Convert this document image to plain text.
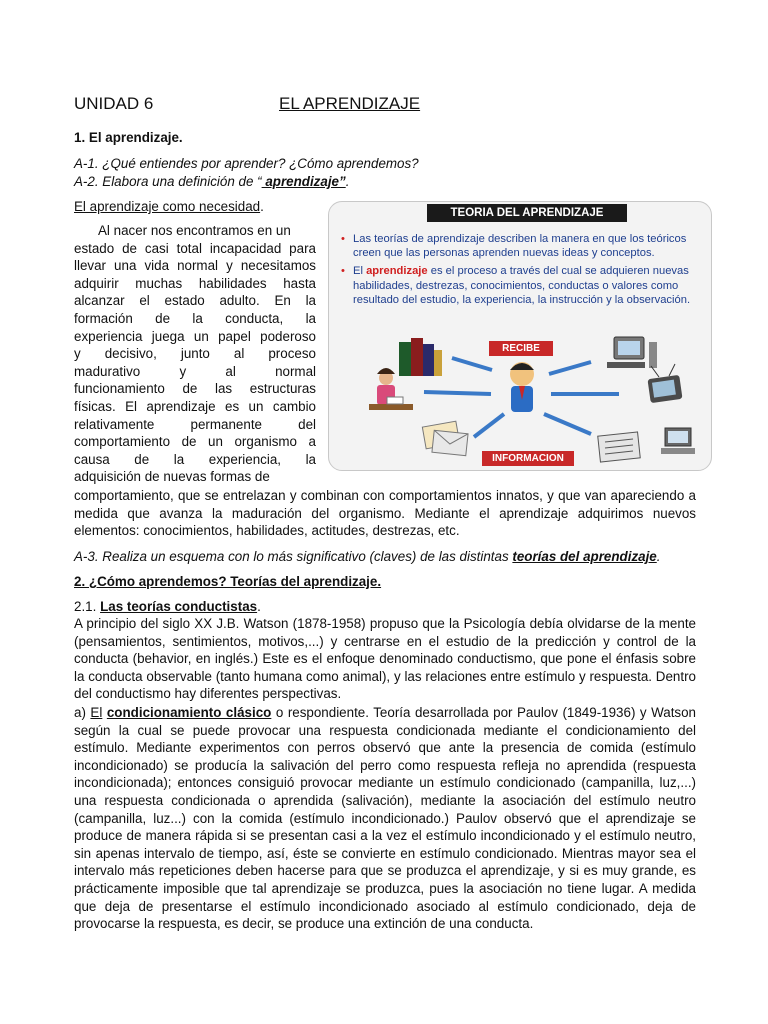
UNIDAD 6	EL APRENDIZAJE

1. El aprendizaje.

A-1. ¿Qué entiendes por aprender? ¿Cómo aprendemos?

A-2. Elabora una definición de “ aprendizaje”.

El aprendizaje como necesidad.

Al nacer nos encontramos en un

estado de casi total incapacidad para

llevar una vida normal y necesitamos

adquirir muchas habilidades hasta

alcanzar el estado adulto. En la

formación de la conducta, la

experiencia juega un papel poderoso

y decisivo, junto al proceso

madurativo y al normal

funcionamiento de las estructuras

físicas. El aprendizaje es un cambio

relativamente permanente del

comportamiento de un organismo a

causa de la experiencia, la

adquisición de nuevas formas de

comportamiento, que se entrelazan y combinan con comportamientos innatos, y que van apareciendo a medida que avanza la maduración del organismo. Mediante el aprendizaje adquirimos nuevos elementos: conocimientos, habilidades, actitudes, destrezas, etc.

A-3. Realiza un esquema con lo más significativo (claves) de las distintas teorías del aprendizaje.

2. ¿Cómo aprendemos? Teorías del aprendizaje.

2.1. Las teorías conductistas.

A principio del siglo XX J.B. Watson (1878-1958) propuso que la Psicología debía olvidarse de la mente (pensamientos, sentimientos, motivos,...) y centrarse en el estudio de la predicción y control de la conducta (behavior, en inglés.) Este es el enfoque denominado conductismo, que pone el énfasis sobre la conducta observable (tanto humana como animal), y las relaciones entre estímulo y respuesta. Dentro del conductismo hay diferentes perspectivas.

a) El condicionamiento clásico o respondiente. Teoría desarrollada por Paulov (1849-1936) y Watson según la cual se puede provocar una respuesta condicionada mediante el condicionamiento del estímulo. Mediante experimentos con perros observó que ante la presencia de comida (estímulo incondicionado) se producía la salivación del perro como respuesta refleja no aprendida (respuesta incondicionada); entonces consiguió provocar mediante un estímulo condicionado (campanilla, luz,...) una respuesta condicionada o aprendida (salivación), mediante la asociación del estímulo neutro (campanilla, luz...) con la comida (estímulo incondicionado.) Paulov observó que el aprendizaje se produce de manera rápida si se presentan casi a la vez el estímulo incondicionado y el estímulo neutro, sin apenas intervalo de tiempo, así, éste se convierte en estímulo condicionado. Mientras mayor sea el intervalo más repeticiones deben hacerse para que se produzca el aprendizaje, y si es muy grande, es prácticamente imposible que tal aprendizaje se produzca, pues la asociación no tiene lugar. A medida que deja de presentarse el estímulo incondicionado asociado al estímulo condicionado, deja de provocarse la respuesta, es decir, se produce una extinción de una conducta.

TEORIA DEL APRENDIZAJE
• Las teorías de aprendizaje describen la manera en que los teóricos creen que las personas aprenden nuevas ideas y conceptos.
• El aprendizaje es el proceso a través del cual se adquieren nuevas habilidades, destrezas, conocimientos, conductas o valores como resultado del estudio, la experiencia, la instrucción y la observación.
RECIBE
INFORMACION
